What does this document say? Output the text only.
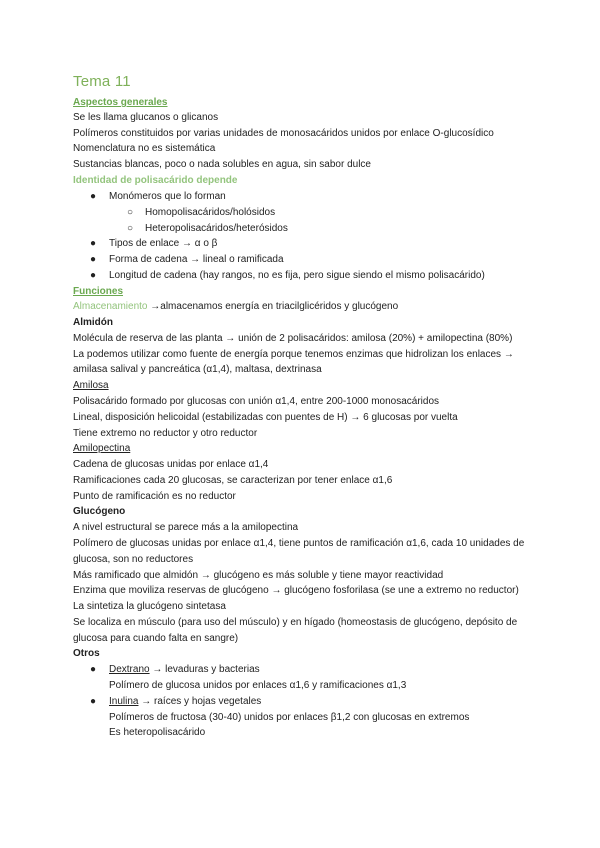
Tema 11
Aspectos generales
Se les llama glucanos o glicanos
Polímeros constituidos por varias unidades de monosacáridos unidos por enlace O-glucosídico
Nomenclatura no es sistemática
Sustancias blancas, poco o nada solubles en agua, sin sabor dulce
Identidad de polisacárido depende
● Monómeros que lo forman
○ Homopolisacáridos/holósidos
○ Heteropolisacáridos/heterósidos
● Tipos de enlace → α o β
● Forma de cadena → lineal o ramificada
● Longitud de cadena (hay rangos, no es fija, pero sigue siendo el mismo polisacárido)
Funciones
Almacenamiento →almacenamos energía en triacilglicéridos y glucógeno
Almidón
Molécula de reserva de las planta → unión de 2 polisacáridos: amilosa (20%) + amilopectina (80%)
La podemos utilizar como fuente de energía porque tenemos enzimas que hidrolizan los enlaces →
amilasa salival y pancreática (α1,4), maltasa, dextrinasa
Amilosa
Polisacárido formado por glucosas con unión α1,4, entre 200-1000 monosacáridos
Lineal, disposición helicoidal (estabilizadas con puentes de H) → 6 glucosas por vuelta
Tiene extremo no reductor y otro reductor
Amilopectina
Cadena de glucosas unidas por enlace α1,4
Ramificaciones cada 20 glucosas, se caracterizan por tener enlace α1,6
Punto de ramificación es no reductor
Glucógeno
A nivel estructural se parece más a la amilopectina
Polímero de glucosas unidas por enlace α1,4, tiene puntos de ramificación α1,6, cada 10 unidades de
glucosa, son no reductores
Más ramificado que almidón → glucógeno es más soluble y tiene mayor reactividad
Enzima que moviliza reservas de glucógeno → glucógeno fosforilasa (se une a extremo no reductor)
La sintetiza la glucógeno sintetasa
Se localiza en músculo (para uso del músculo) y en hígado (homeostasis de glucógeno, depósito de
glucosa para cuando falta en sangre)
Otros
● Dextrano → levaduras y bacterias
Polímero de glucosa unidos por enlaces α1,6 y ramificaciones α1,3
● Inulina → raíces y hojas vegetales
Polímeros de fructosa (30-40) unidos por enlaces β1,2 con glucosas en extremos
Es heteropolisacárido
